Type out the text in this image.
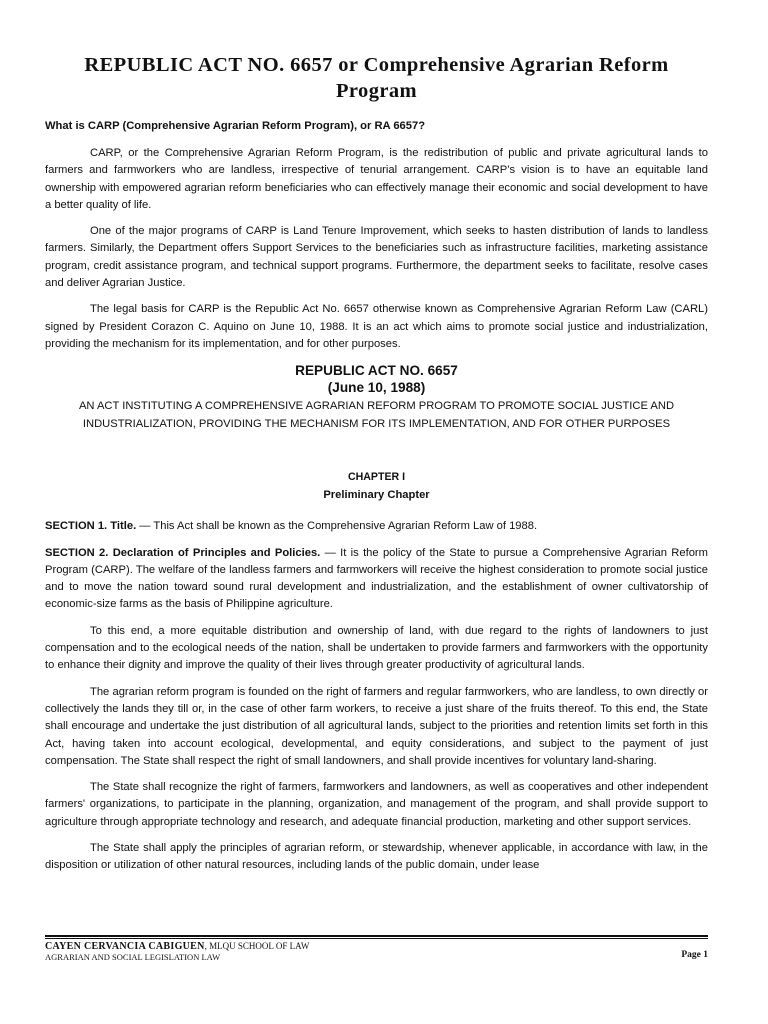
REPUBLIC ACT NO. 6657 or Comprehensive Agrarian Reform Program
What is CARP (Comprehensive Agrarian Reform Program), or RA 6657?

CARP, or the Comprehensive Agrarian Reform Program, is the redistribution of public and private agricultural lands to farmers and farmworkers who are landless, irrespective of tenurial arrangement. CARP’s vision is to have an equitable land ownership with empowered agrarian reform beneficiaries who can effectively manage their economic and social development to have a better quality of life.

One of the major programs of CARP is Land Tenure Improvement, which seeks to hasten distribution of lands to landless farmers. Similarly, the Department offers Support Services to the beneficiaries such as infrastructure facilities, marketing assistance program, credit assistance program, and technical support programs. Furthermore, the department seeks to facilitate, resolve cases and deliver Agrarian Justice.

The legal basis for CARP is the Republic Act No. 6657 otherwise known as Comprehensive Agrarian Reform Law (CARL) signed by President Corazon C. Aquino on June 10, 1988. It is an act which aims to promote social justice and industrialization, providing the mechanism for its implementation, and for other purposes.

REPUBLIC ACT NO. 6657
(June 10, 1988)
AN ACT INSTITUTING A COMPREHENSIVE AGRARIAN REFORM PROGRAM TO PROMOTE SOCIAL JUSTICE AND INDUSTRIALIZATION, PROVIDING THE MECHANISM FOR ITS IMPLEMENTATION, AND FOR OTHER PURPOSES
CHAPTER I
Preliminary Chapter

SECTION 1. Title. — This Act shall be known as the Comprehensive Agrarian Reform Law of 1988.

SECTION 2. Declaration of Principles and Policies. — It is the policy of the State to pursue a Comprehensive Agrarian Reform Program (CARP). The welfare of the landless farmers and farmworkers will receive the highest consideration to promote social justice and to move the nation toward sound rural development and industrialization, and the establishment of owner cultivatorship of economic-size farms as the basis of Philippine agriculture.

To this end, a more equitable distribution and ownership of land, with due regard to the rights of landowners to just compensation and to the ecological needs of the nation, shall be undertaken to provide farmers and farmworkers with the opportunity to enhance their dignity and improve the quality of their lives through greater productivity of agricultural lands.

The agrarian reform program is founded on the right of farmers and regular farmworkers, who are landless, to own directly or collectively the lands they till or, in the case of other farm workers, to receive a just share of the fruits thereof. To this end, the State shall encourage and undertake the just distribution of all agricultural lands, subject to the priorities and retention limits set forth in this Act, having taken into account ecological, developmental, and equity considerations, and subject to the payment of just compensation. The State shall respect the right of small landowners, and shall provide incentives for voluntary land-sharing.

The State shall recognize the right of farmers, farmworkers and landowners, as well as cooperatives and other independent farmers' organizations, to participate in the planning, organization, and management of the program, and shall provide support to agriculture through appropriate technology and research, and adequate financial production, marketing and other support services.

The State shall apply the principles of agrarian reform, or stewardship, whenever applicable, in accordance with law, in the disposition or utilization of other natural resources, including lands of the public domain, under lease

CAYEN CERVANCIA CABIGUEN, MLQU SCHOOL OF LAW
AGRARIAN AND SOCIAL LEGISLATION LAW	Page 1
